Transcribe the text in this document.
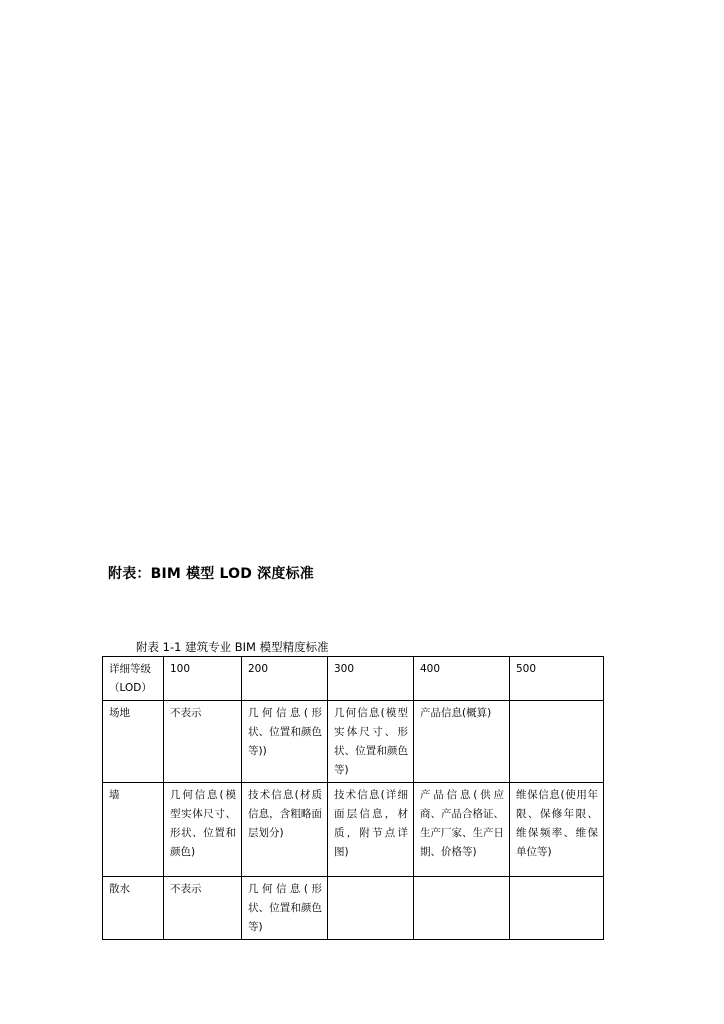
附表：BIM 模型 LOD 深度标准
附表 1-1 建筑专业 BIM 模型精度标准
详细等级
（LOD）	100	200	300	400	500
场地	不表示	几何信息(形状、位置和颜色等))	几何信息(模型实体尺寸、形状、位置和颜色等)	产品信息(概算)	
墙	几何信息(模型实体尺寸、形状、位置和颜色)	技术信息(材质信息，含粗略面层划分)	技术信息(详细面层信息，材质，附节点详图)	产品信息(供应商、产品合格证、生产厂家、生产日期、价格等)	维保信息(使用年限、保修年限、维保频率、维保单位等)
散水	不表示	几何信息(形状、位置和颜色等)			
